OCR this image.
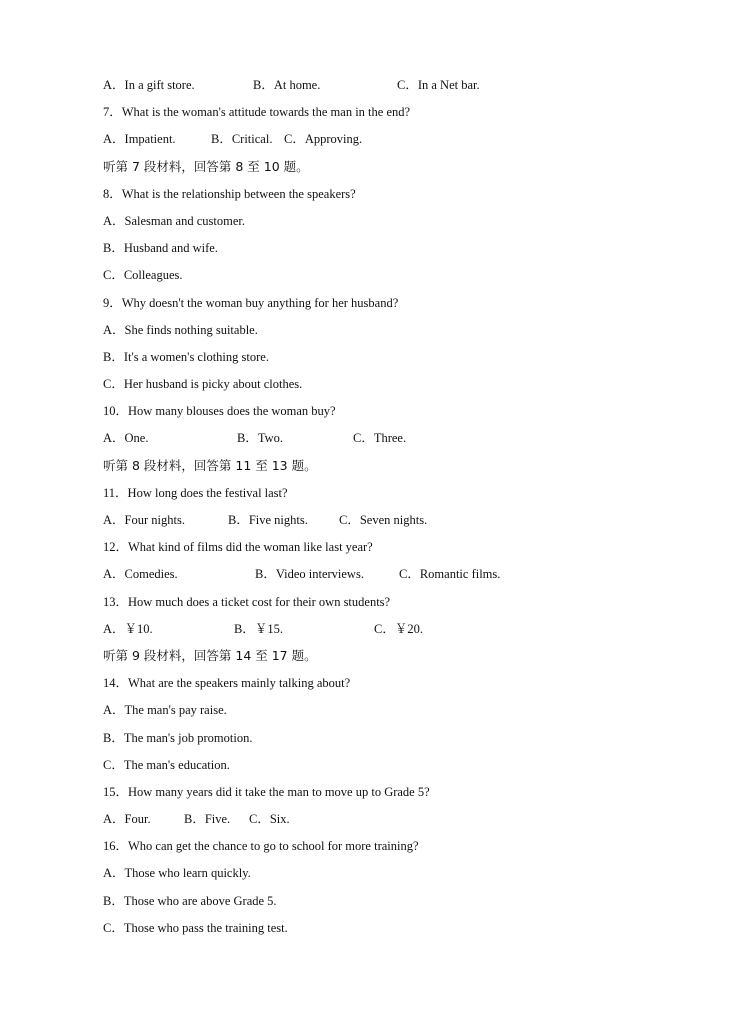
A．In a gift store.	B．At home.	C．In a Net bar.
7．What is the woman's attitude towards the man in the end?
A．Impatient.	B．Critical. C．Approving.
听第 7 段材料，回答第 8 至 10 题。
8．What is the relationship between the speakers?
A．Salesman and customer.
B．Husband and wife.
C．Colleagues.
9．Why doesn't the woman buy anything for her husband?
A．She finds nothing suitable.
B．It's a women's clothing store.
C．Her husband is picky about clothes.
10．How many blouses does the woman buy?
A．One.	B．Two.	C．Three.
听第 8 段材料，回答第 11 至 13 题。
11．How long does the festival last?
A．Four nights.	B．Five nights. C．Seven nights.
12．What kind of films did the woman like last year?
A．Comedies.	B．Video interviews.	C．Romantic films.
13．How much does a ticket cost for their own students?
A．￥10.	B．￥15.	C．￥20.
听第 9 段材料，回答第 14 至 17 题。
14．What are the speakers mainly talking about?
A．The man's pay raise.
B．The man's job promotion.
C．The man's education.
15．How many years did it take the man to move up to Grade 5?
A．Four.	B．Five. C．Six.
16．Who can get the chance to go to school for more training?
A．Those who learn quickly.
B．Those who are above Grade 5.
C．Those who pass the training test.
